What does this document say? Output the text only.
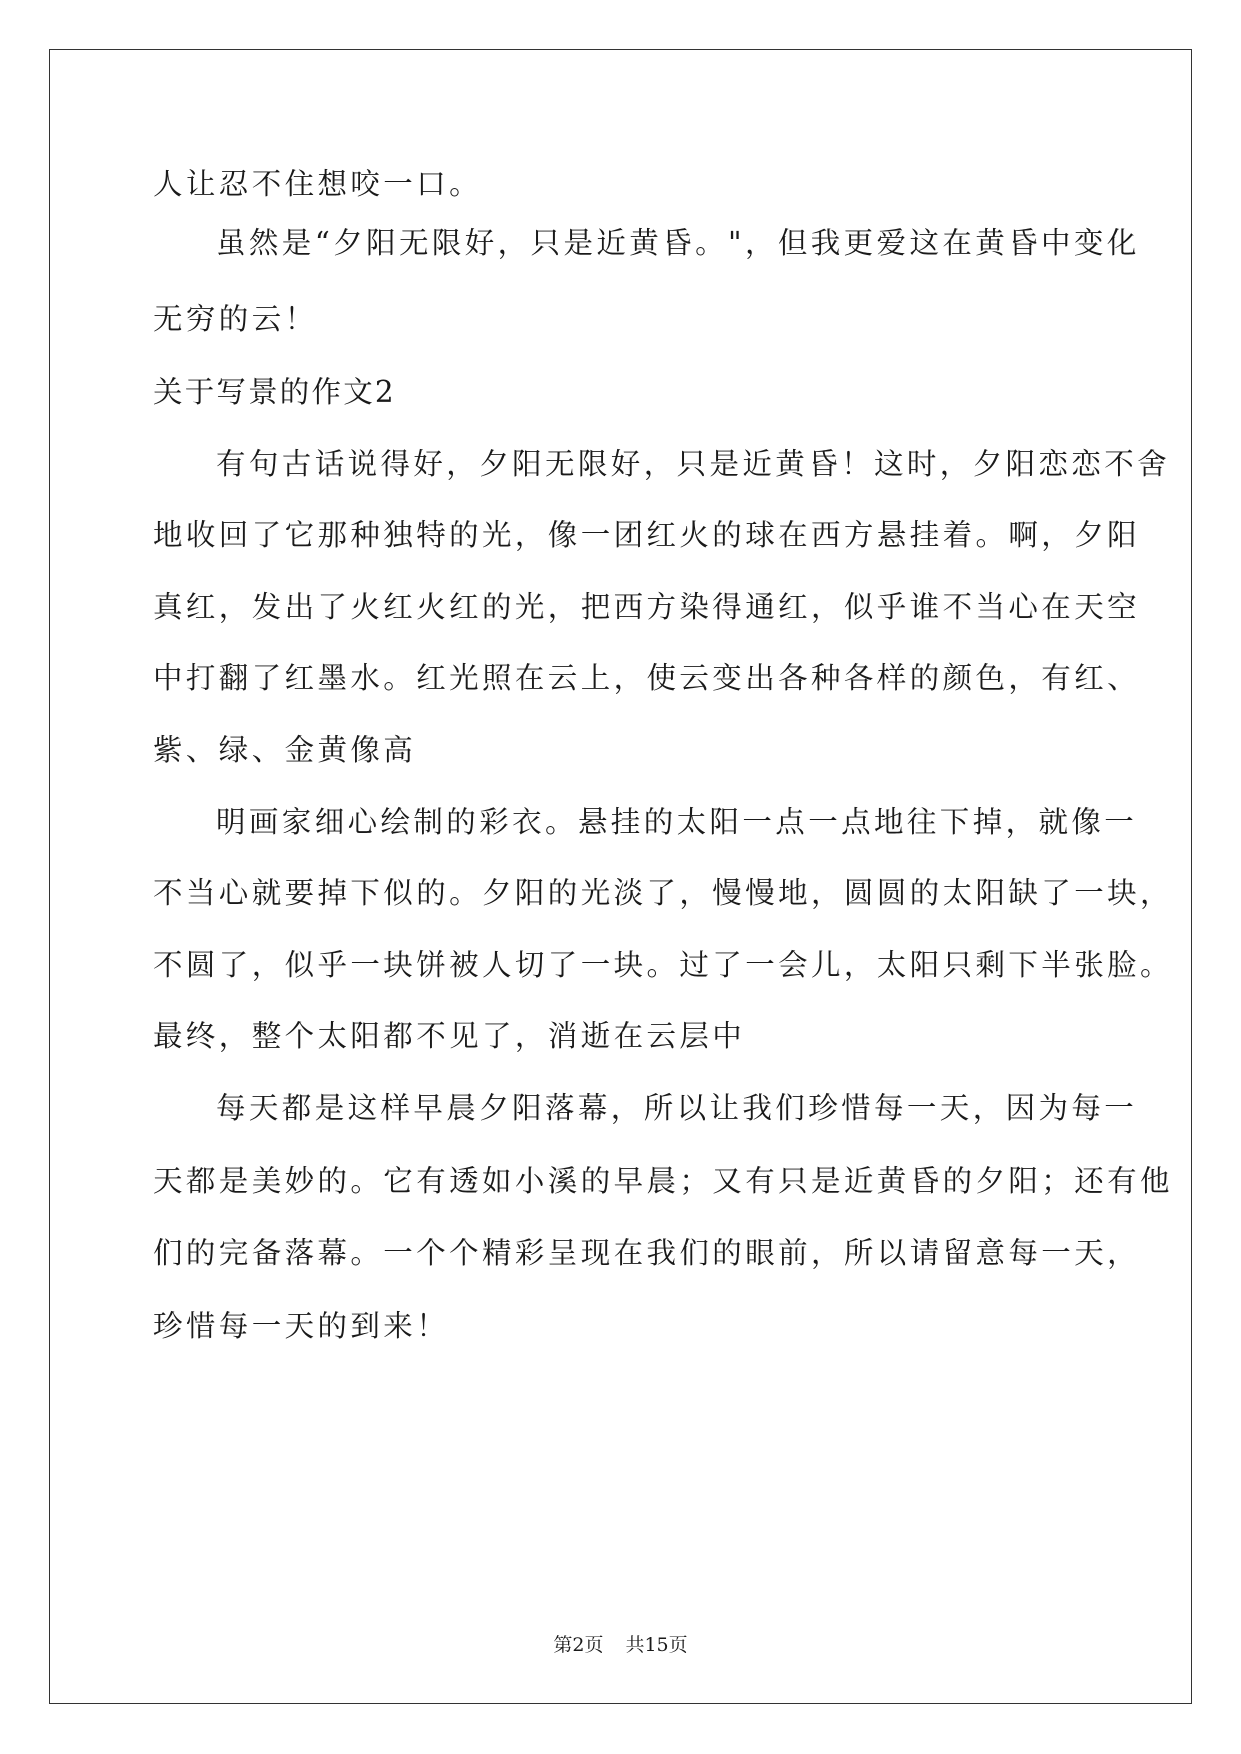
人让忍不住想咬一口。
虽然是“夕阳无限好，只是近黄昏。"，但我更爱这在黄昏中变化
无穷的云！
关于写景的作文2
有句古话说得好，夕阳无限好，只是近黄昏！这时，夕阳恋恋不舍
地收回了它那种独特的光，像一团红火的球在西方悬挂着。啊，夕阳
真红，发出了火红火红的光，把西方染得通红，似乎谁不当心在天空
中打翻了红墨水。红光照在云上，使云变出各种各样的颜色，有红、
紫、绿、金黄像高
明画家细心绘制的彩衣。悬挂的太阳一点一点地往下掉，就像一
不当心就要掉下似的。夕阳的光淡了，慢慢地，圆圆的太阳缺了一块，
不圆了，似乎一块饼被人切了一块。过了一会儿，太阳只剩下半张脸。
最终，整个太阳都不见了，消逝在云层中
每天都是这样早晨夕阳落幕，所以让我们珍惜每一天，因为每一
天都是美妙的。它有透如小溪的早晨；又有只是近黄昏的夕阳；还有他
们的完备落幕。一个个精彩呈现在我们的眼前，所以请留意每一天，
珍惜每一天的到来！
第2页 共15页
